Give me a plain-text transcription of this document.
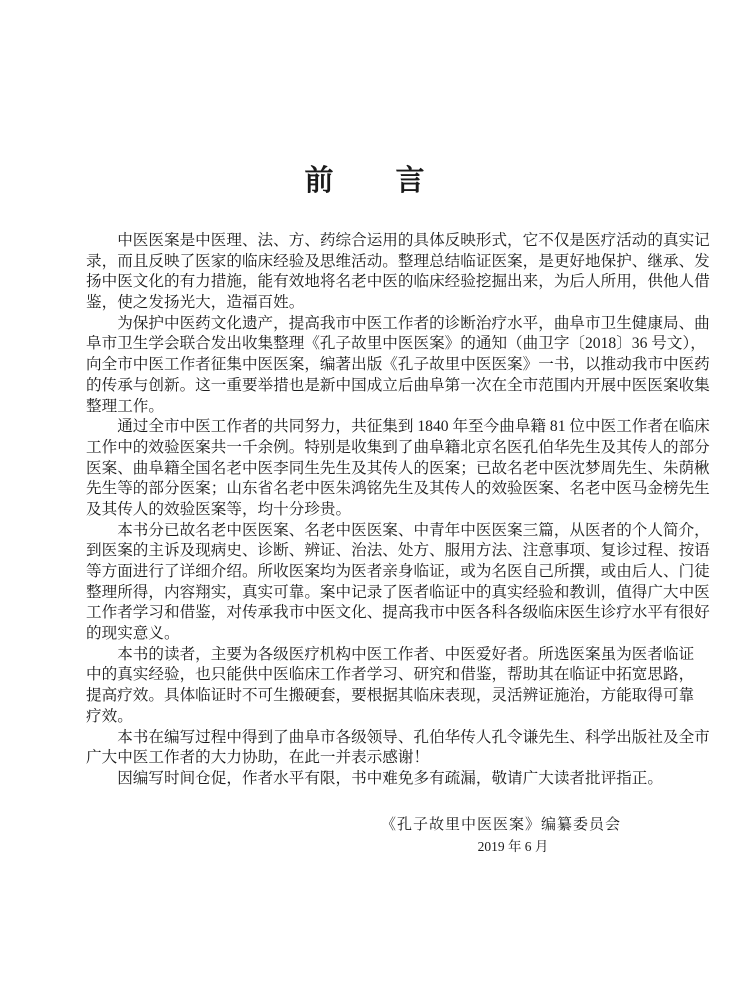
前 言
中医医案是中医理、法、方、药综合运用的具体反映形式，它不仅是医疗活动的真实记
录，而且反映了医家的临床经验及思维活动。整理总结临证医案，是更好地保护、继承、发
扬中医文化的有力措施，能有效地将名老中医的临床经验挖掘出来，为后人所用，供他人借
鉴，使之发扬光大，造福百姓。
为保护中医药文化遗产，提高我市中医工作者的诊断治疗水平，曲阜市卫生健康局、曲
阜市卫生学会联合发出收集整理《孔子故里中医医案》的通知（曲卫字〔2018〕36 号文），
向全市中医工作者征集中医医案，编著出版《孔子故里中医医案》一书，以推动我市中医药
的传承与创新。这一重要举措也是新中国成立后曲阜第一次在全市范围内开展中医医案收集
整理工作。
通过全市中医工作者的共同努力，共征集到 1840 年至今曲阜籍 81 位中医工作者在临床
工作中的效验医案共一千余例。特别是收集到了曲阜籍北京名医孔伯华先生及其传人的部分
医案、曲阜籍全国名老中医李同生先生及其传人的医案；已故名老中医沈梦周先生、朱荫楸
先生等的部分医案；山东省名老中医朱鸿铭先生及其传人的效验医案、名老中医马金榜先生
及其传人的效验医案等，均十分珍贵。
本书分已故名老中医医案、名老中医医案、中青年中医医案三篇，从医者的个人简介，
到医案的主诉及现病史、诊断、辨证、治法、处方、服用方法、注意事项、复诊过程、按语
等方面进行了详细介绍。所收医案均为医者亲身临证，或为名医自己所撰，或由后人、门徒
整理所得，内容翔实，真实可靠。案中记录了医者临证中的真实经验和教训，值得广大中医
工作者学习和借鉴，对传承我市中医文化、提高我市中医各科各级临床医生诊疗水平有很好
的现实意义。
本书的读者，主要为各级医疗机构中医工作者、中医爱好者。所选医案虽为医者临证
中的真实经验，也只能供中医临床工作者学习、研究和借鉴，帮助其在临证中拓宽思路，
提高疗效。具体临证时不可生搬硬套，要根据其临床表现，灵活辨证施治，方能取得可靠
疗效。
本书在编写过程中得到了曲阜市各级领导、孔伯华传人孔令谦先生、科学出版社及全市
广大中医工作者的大力协助，在此一并表示感谢！
因编写时间仓促，作者水平有限，书中难免多有疏漏，敬请广大读者批评指正。
《孔子故里中医医案》编纂委员会
2019 年 6 月
